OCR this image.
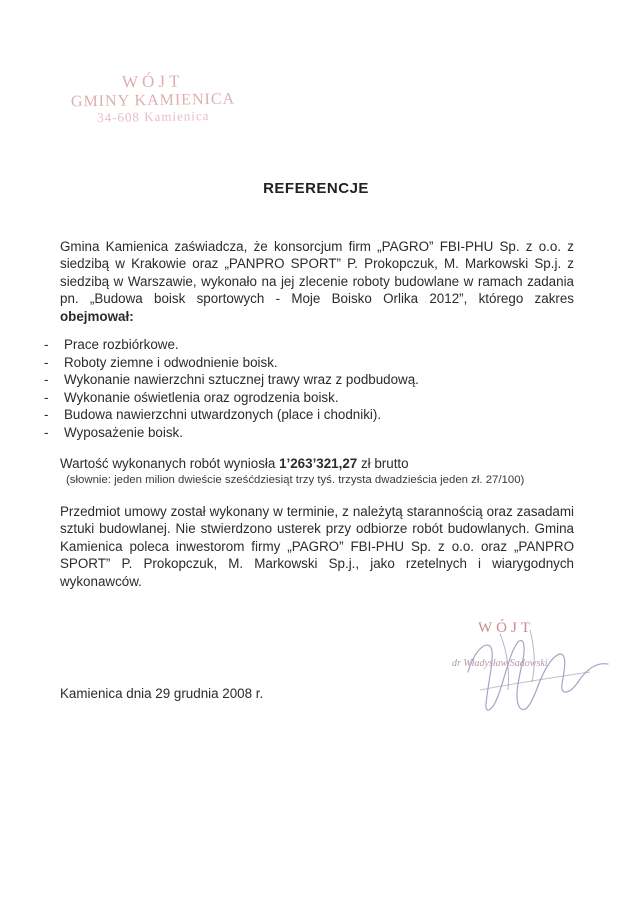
WÓJT
GMINY KAMIENICA
34-608 Kamienica
REFERENCJE
Gmina Kamienica zaświadcza, że konsorcjum firm „PAGRO” FBI-PHU Sp. z o.o. z siedzibą w Krakowie oraz „PANPRO SPORT” P. Prokopczuk, M. Markowski Sp.j. z siedzibą w Warszawie, wykonało na jej zlecenie roboty budowlane w ramach zadania pn. „Budowa boisk sportowych - Moje Boisko Orlika 2012”, którego zakres obejmował:
- Prace rozbiórkowe.
- Roboty ziemne i odwodnienie boisk.
- Wykonanie nawierzchni sztucznej trawy wraz z podbudową.
- Wykonanie oświetlenia oraz ogrodzenia boisk.
- Budowa nawierzchni utwardzonych (place i chodniki).
- Wyposażenie boisk.
Wartość wykonanych robót wyniosła 1’263’321,27 zł brutto
(słownie: jeden milion dwieście sześćdziesiąt trzy tyś. trzysta dwadzieścia jeden zł. 27/100)
Przedmiot umowy został wykonany w terminie, z należytą starannością oraz zasadami sztuki budowlanej. Nie stwierdzono usterek przy odbiorze robót budowlanych. Gmina Kamienica poleca inwestorom firmy „PAGRO” FBI-PHU Sp. z o.o. oraz „PANPRO SPORT” P. Prokopczuk, M. Markowski Sp.j., jako rzetelnych i wiarygodnych wykonawców.
WÓJT
dr Władysław Sadowski
Kamienica dnia 29 grudnia 2008 r.
